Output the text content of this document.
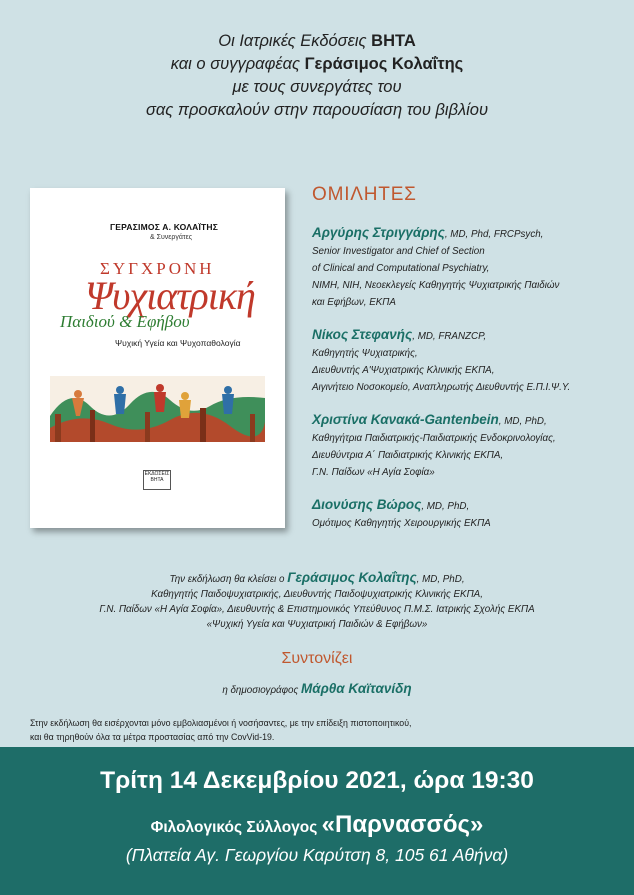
Οι Ιατρικές Εκδόσεις ΒΗΤΑ
και ο συγγραφέας Γεράσιμος Κολαΐτης
με τους συνεργάτες του
σας προσκαλούν στην παρουσίαση του βιβλίου
ΓΕΡΑΣΙΜΟΣ Α. ΚΟΛΑΪΤΗΣ
& Συνεργάτες
ΣΥΓΧΡΟΝΗ
Ψυχιατρική
Παιδιού & Εφήβου
Ψυχική Υγεία και Ψυχοπαθολογία
ΕΚΔΟΣΕΙΣ ΒΗΤΑ
ΟΜΙΛΗΤΕΣ
Αργύρης Στριγγάρης, MD, Phd, FRCPsych,
Senior Investigator and Chief of Section
of Clinical and Computational Psychiatry,
NIMH, NIH, Νεοεκλεγείς Καθηγητής Ψυχιατρικής Παιδιών
και Εφήβων, ΕΚΠΑ
Νίκος Στεφανής, MD, FRANZCP,
Καθηγητής Ψυχιατρικής,
Διευθυντής Α'Ψυχιατρικής Κλινικής ΕΚΠΑ,
Αιγινήτειο Νοσοκομείο, Αναπληρωτής Διευθυντής Ε.Π.Ι.Ψ.Υ.
Χριστίνα Κανακά-Gantenbein, MD, PhD,
Καθηγήτρια Παιδιατρικής-Παιδιατρικής Ενδοκρινολογίας,
Διευθύντρια Α΄ Παιδιατρικής Κλινικής ΕΚΠΑ,
Γ.Ν. Παίδων «Η Αγία Σοφία»
Διονύσης Βώρος, MD, PhD,
Ομότιμος Καθηγητής Χειρουργικής ΕΚΠΑ
Την εκδήλωση θα κλείσει ο Γεράσιμος Κολαΐτης, MD, PhD,
Καθηγητής Παιδοψυχιατρικής, Διευθυντής Παιδοψυχιατρικής Κλινικής ΕΚΠΑ,
Γ.Ν. Παίδων «Η Αγία Σοφία», Διευθυντής & Επιστημονικός Υπεύθυνος Π.Μ.Σ. Ιατρικής Σχολής ΕΚΠΑ
«Ψυχική Υγεία και Ψυχιατρική Παιδιών & Εφήβων»
Συντονίζει
η δημοσιογράφος Μάρθα Καϊτανίδη
Στην εκδήλωση θα εισέρχονται μόνο εμβολιασμένοι ή νοσήσαντες, με την επίδειξη πιστοποιητικού,
και θα τηρηθούν όλα τα μέτρα προστασίας από την CovVid-19.
Τρίτη 14 Δεκεμβρίου 2021, ώρα 19:30
Φιλολογικός Σύλλογος «Παρνασσός»
(Πλατεία Αγ. Γεωργίου Καρύτση 8, 105 61 Αθήνα)
